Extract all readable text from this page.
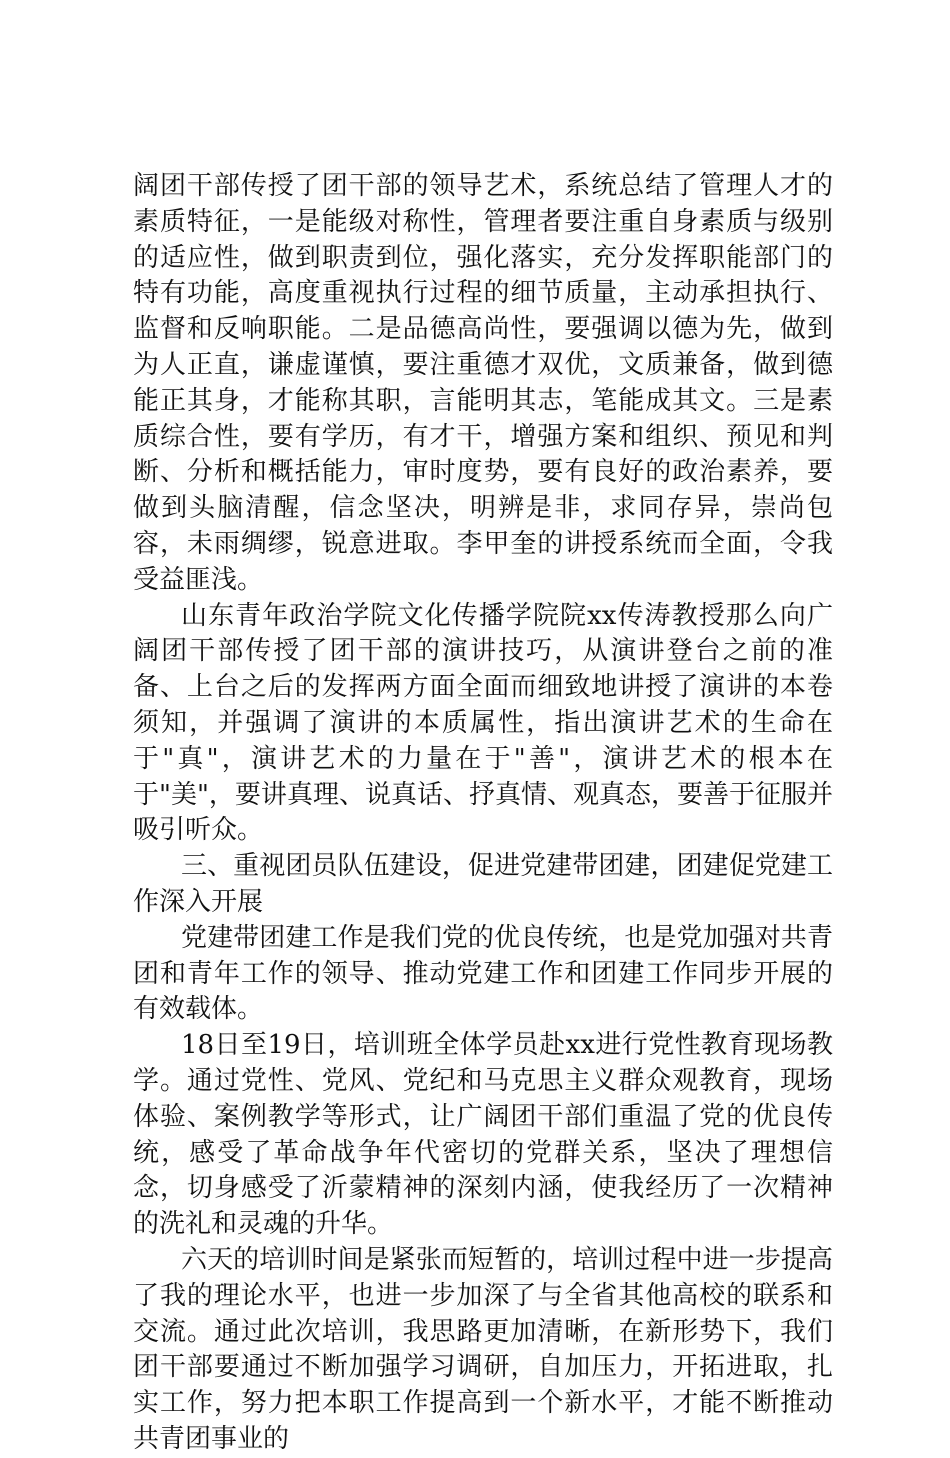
阔团干部传授了团干部的领导艺术，系统总结了管理人才的素质特征，一是能级对称性，管理者要注重自身素质与级别的适应性，做到职责到位，强化落实，充分发挥职能部门的特有功能，高度重视执行过程的细节质量，主动承担执行、监督和反响职能。二是品德高尚性，要强调以德为先，做到为人正直，谦虚谨慎，要注重德才双优，文质兼备，做到德能正其身，才能称其职，言能明其志，笔能成其文。三是素质综合性，要有学历，有才干，增强方案和组织、预见和判断、分析和概括能力，审时度势，要有良好的政治素养，要做到头脑清醒，信念坚决，明辨是非，求同存异，崇尚包容，未雨绸缪，锐意进取。李甲奎的讲授系统而全面，令我受益匪浅。

山东青年政治学院文化传播学院院xx传涛教授那么向广阔团干部传授了团干部的演讲技巧，从演讲登台之前的准备、上台之后的发挥两方面全面而细致地讲授了演讲的本卷须知，并强调了演讲的本质属性，指出演讲艺术的生命在于"真"，演讲艺术的力量在于"善"，演讲艺术的根本在于"美"，要讲真理、说真话、抒真情、观真态，要善于征服并吸引听众。

三、重视团员队伍建设，促进党建带团建，团建促党建工作深入开展

党建带团建工作是我们党的优良传统，也是党加强对共青团和青年工作的领导、推动党建工作和团建工作同步开展的有效载体。

18日至19日，培训班全体学员赴xx进行党性教育现场教学。通过党性、党风、党纪和马克思主义群众观教育，现场体验、案例教学等形式，让广阔团干部们重温了党的优良传统，感受了革命战争年代密切的党群关系，坚决了理想信念，切身感受了沂蒙精神的深刻内涵，使我经历了一次精神的洗礼和灵魂的升华。

六天的培训时间是紧张而短暂的，培训过程中进一步提高了我的理论水平，也进一步加深了与全省其他高校的联系和交流。通过此次培训，我思路更加清晰，在新形势下，我们团干部要通过不断加强学习调研，自加压力，开拓进取，扎实工作，努力把本职工作提高到一个新水平，才能不断推动共青团事业的
